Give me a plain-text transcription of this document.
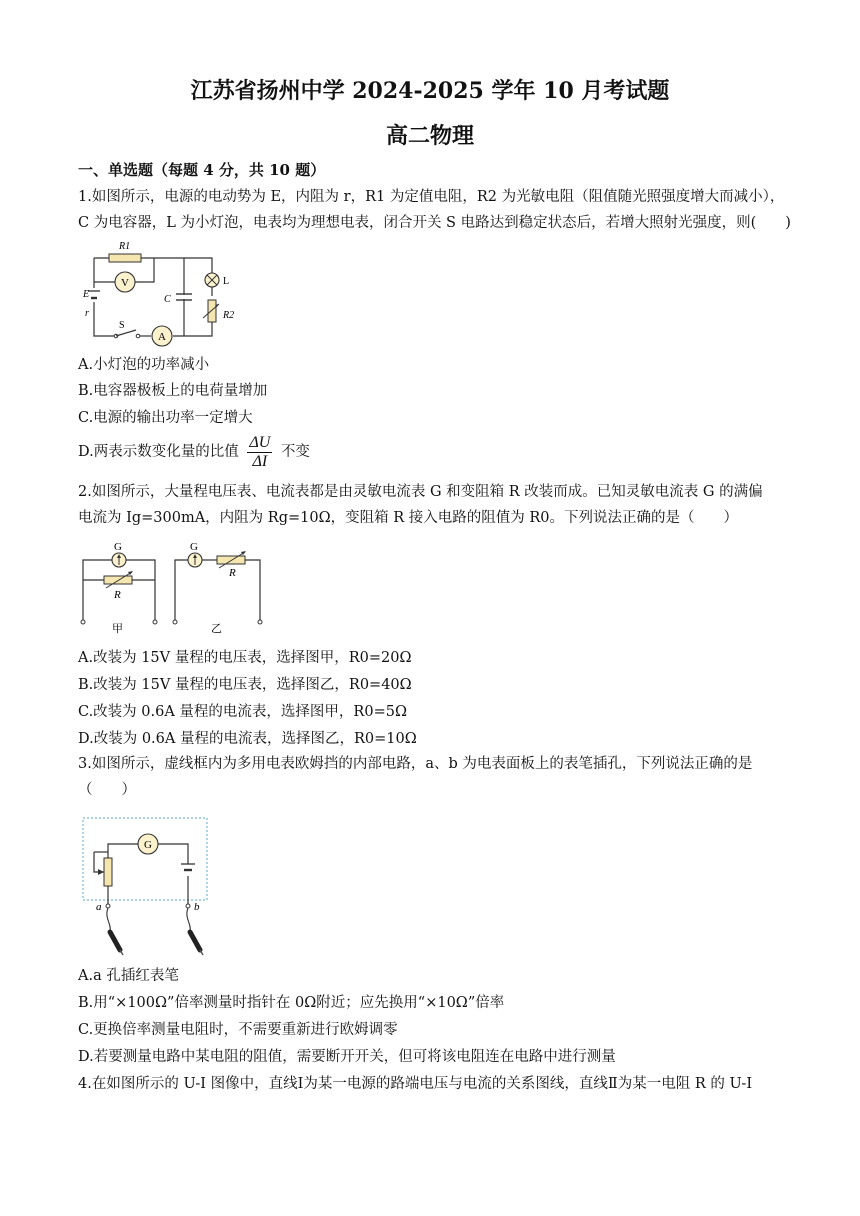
江苏省扬州中学 2024-2025 学年 10 月考试题
高二物理
一、单选题（每题 4 分，共 10 题）
1.如图所示，电源的电动势为 E，内阻为 r，R1 为定值电阻，R2 为光敏电阻（阻值随光照强度增大而减小），
C 为电容器，L 为小灯泡，电表均为理想电表，闭合开关 S 电路达到稳定状态后，若增大照射光强度，则(　　)
R1
V
E
r
S
A
C
L
R2
A.小灯泡的功率减小
B.电容器极板上的电荷量增加
C.电源的输出功率一定增大
D.两表示数变化量的比值 $\frac{\Delta U}{\Delta I}$ 不变
2.如图所示，大量程电压表、电流表都是由灵敏电流表 G 和变阻箱 R 改装而成。已知灵敏电流表 G 的满偏
电流为 Ig=300mA，内阻为 Rg=10Ω，变阻箱 R 接入电路的阻值为 R0。下列说法正确的是（　　）
G
R
甲
G
R
乙
A.改装为 15V 量程的电压表，选择图甲，R0=20Ω
B.改装为 15V 量程的电压表，选择图乙，R0=40Ω
C.改装为 0.6A 量程的电流表，选择图甲，R0=5Ω
D.改装为 0.6A 量程的电流表，选择图乙，R0=10Ω
3.如图所示，虚线框内为多用电表欧姆挡的内部电路，a、b 为电表面板上的表笔插孔，下列说法正确的是
（　　）
G
a	b
A.a 孔插红表笔
B.用“×100Ω”倍率测量时指针在 0Ω附近；应先换用“×10Ω”倍率
C.更换倍率测量电阻时，不需要重新进行欧姆调零
D.若要测量电路中某电阻的阻值，需要断开开关，但可将该电阻连在电路中进行测量
4.在如图所示的 U-I 图像中，直线Ⅰ为某一电源的路端电压与电流的关系图线，直线Ⅱ为某一电阻 R 的 U-I
